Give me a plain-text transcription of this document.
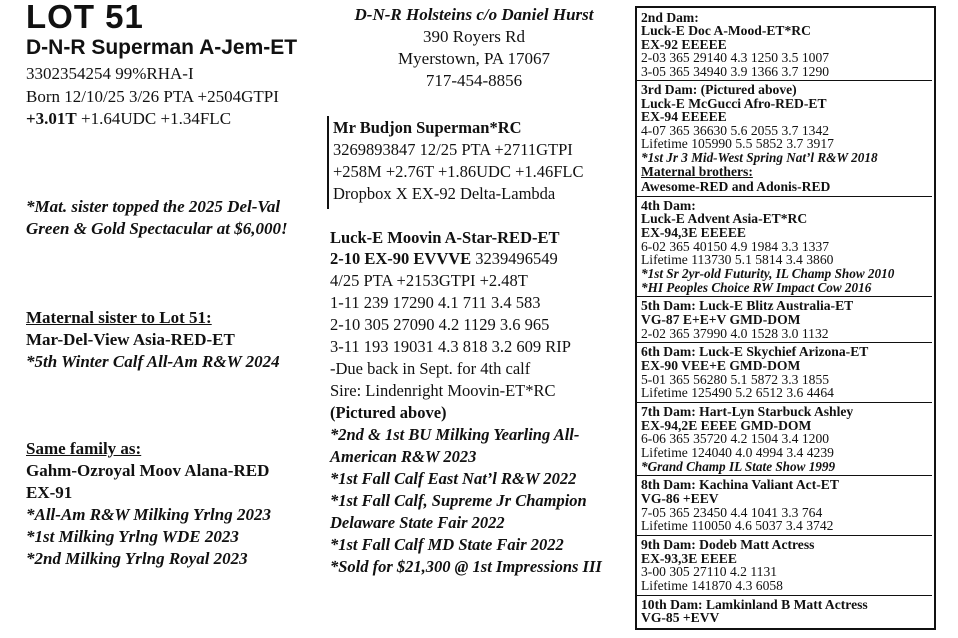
LOT 51
D-N-R Superman A-Jem-ET
3302354254 99%RHA-I
Born 12/10/25 3/26 PTA +2504GTPI
+3.01T +1.64UDC +1.34FLC
*Mat. sister topped the 2025 Del-Val
Green & Gold Spectacular at $6,000!
Maternal sister to Lot 51:
Mar-Del-View Asia-RED-ET
*5th Winter Calf All-Am R&W 2024
Same family as:
Gahm-Ozroyal Moov Alana-RED
EX-91
*All-Am R&W Milking Yrlng 2023
*1st Milking Yrlng WDE 2023
*2nd Milking Yrlng Royal 2023
D-N-R Holsteins c/o Daniel Hurst
390 Royers Rd
Myerstown, PA 17067
717-454-8856
Mr Budjon Superman*RC
3269893847 12/25 PTA +2711GTPI
+258M +2.76T +1.86UDC +1.46FLC
Dropbox X EX-92 Delta-Lambda
Luck-E Moovin A-Star-RED-ET
2-10 EX-90 EVVVE 3239496549
4/25 PTA +2153GTPI +2.48T
1-11 239 17290 4.1 711 3.4 583
2-10 305 27090 4.2 1129 3.6 965
3-11 193 19031 4.3 818 3.2 609 RIP
-Due back in Sept. for 4th calf
Sire: Lindenright Moovin-ET*RC
(Pictured above)
*2nd & 1st BU Milking Yearling All-
American R&W 2023
*1st Fall Calf East Nat’l R&W 2022
*1st Fall Calf, Supreme Jr Champion
Delaware State Fair 2022
*1st Fall Calf MD State Fair 2022
*Sold for $21,300 @ 1st Impressions III
2nd Dam:
Luck-E Doc A-Mood-ET*RC
EX-92 EEEEE
2-03 365 29140 4.3 1250 3.5 1007
3-05 365 34940 3.9 1366 3.7 1290
3rd Dam: (Pictured above)
Luck-E McGucci Afro-RED-ET
EX-94 EEEEE
4-07 365 36630 5.6 2055 3.7 1342
Lifetime 105990 5.5 5852 3.7 3917
*1st Jr 3 Mid-West Spring Nat’l R&W 2018
Maternal brothers:
Awesome-RED and Adonis-RED
4th Dam:
Luck-E Advent Asia-ET*RC
EX-94,3E EEEEE
6-02 365 40150 4.9 1984 3.3 1337
Lifetime 113730 5.1 5814 3.4 3860
*1st Sr 2yr-old Futurity, IL Champ Show 2010
*HI Peoples Choice RW Impact Cow 2016
5th Dam: Luck-E Blitz Australia-ET
VG-87 E+E+V GMD-DOM
2-02 365 37990 4.0 1528 3.0 1132
6th Dam: Luck-E Skychief Arizona-ET
EX-90 VEE+E GMD-DOM
5-01 365 56280 5.1 5872 3.3 1855
Lifetime 125490 5.2 6512 3.6 4464
7th Dam: Hart-Lyn Starbuck Ashley
EX-94,2E EEEE GMD-DOM
6-06 365 35720 4.2 1504 3.4 1200
Lifetime 124040 4.0 4994 3.4 4239
*Grand Champ IL State Show 1999
8th Dam: Kachina Valiant Act-ET
VG-86 +EEV
7-05 365 23450 4.4 1041 3.3 764
Lifetime 110050 4.6 5037 3.4 3742
9th Dam: Dodeb Matt Actress
EX-93,3E EEEE
3-00 305 27110 4.2 1131
Lifetime 141870 4.3 6058
10th Dam: Lamkinland B Matt Actress
VG-85 +EVV
